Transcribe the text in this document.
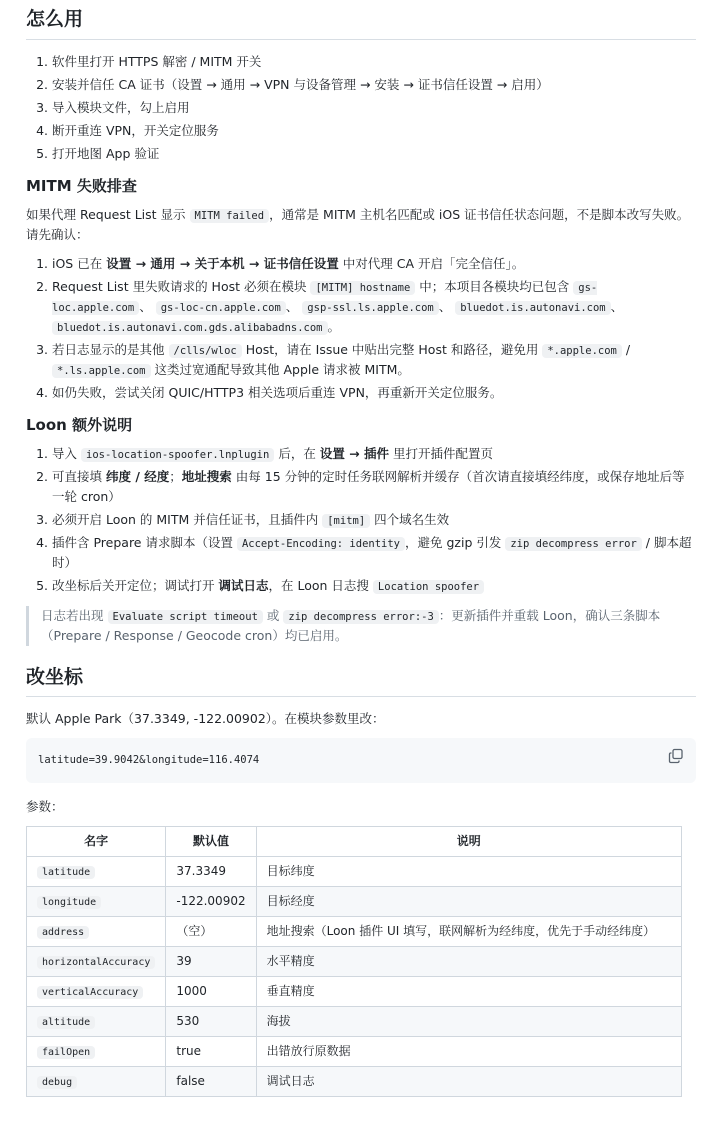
怎么用
1. 软件里打开 HTTPS 解密 / MITM 开关
2. 安装并信任 CA 证书（设置 → 通用 → VPN 与设备管理 → 安装 → 证书信任设置 → 启用）
3. 导入模块文件，勾上启用
4. 断开重连 VPN，开关定位服务
5. 打开地图 App 验证
MITM 失败排查

如果代理 Request List 显示 MITM failed ，通常是 MITM 主机名匹配或 iOS 证书信任状态问题，不是脚本改写失败。请先确认：

1. iOS 已在 设置 → 通用 → 关于本机 → 证书信任设置 中对代理 CA 开启「完全信任」。
2. Request List 里失败请求的 Host 必须在模块 [MITM] hostname 中；本项目各模块均已包含 gs-loc.apple.com 、 gs-loc-cn.apple.com 、 gsp-ssl.ls.apple.com 、 bluedot.is.autonavi.com 、 bluedot.is.autonavi.com.gds.alibabadns.com 。
3. 若日志显示的是其他 /clls/wloc Host，请在 Issue 中贴出完整 Host 和路径，避免用 *.apple.com / *.ls.apple.com 这类过宽通配导致其他 Apple 请求被 MITM。
4. 如仍失败，尝试关闭 QUIC/HTTP3 相关选项后重连 VPN，再重新开关定位服务。
Loon 额外说明
1. 导入 ios-location-spoofer.lnplugin 后，在 设置 → 插件 里打开插件配置页
2. 可直接填 纬度 / 经度；地址搜索 由每 15 分钟的定时任务联网解析并缓存（首次请直接填经纬度，或保存地址后等一轮 cron）
3. 必须开启 Loon 的 MITM 并信任证书，且插件内 [mitm] 四个域名生效
4. 插件含 Prepare 请求脚本（设置 Accept-Encoding: identity ，避免 gzip 引发 zip decompress error / 脚本超时）
5. 改坐标后关开定位；调试打开 调试日志，在 Loon 日志搜 Location spoofer
日志若出现 Evaluate script timeout 或 zip decompress error:-3 ：更新插件并重载 Loon，确认三条脚本（Prepare / Response / Geocode cron）均已启用。
改坐标

默认 Apple Park（37.3349, -122.00902）。在模块参数里改：

latitude=39.9042&longitude=116.4074

参数：

名字	默认值	说明
latitude	37.3349	目标纬度
longitude	-122.00902	目标经度
address	（空）	地址搜索（Loon 插件 UI 填写，联网解析为经纬度，优先于手动经纬度）
horizontalAccuracy	39	水平精度
verticalAccuracy	1000	垂直精度
altitude	530	海拔
failOpen	true	出错放行原数据
debug	false	调试日志
